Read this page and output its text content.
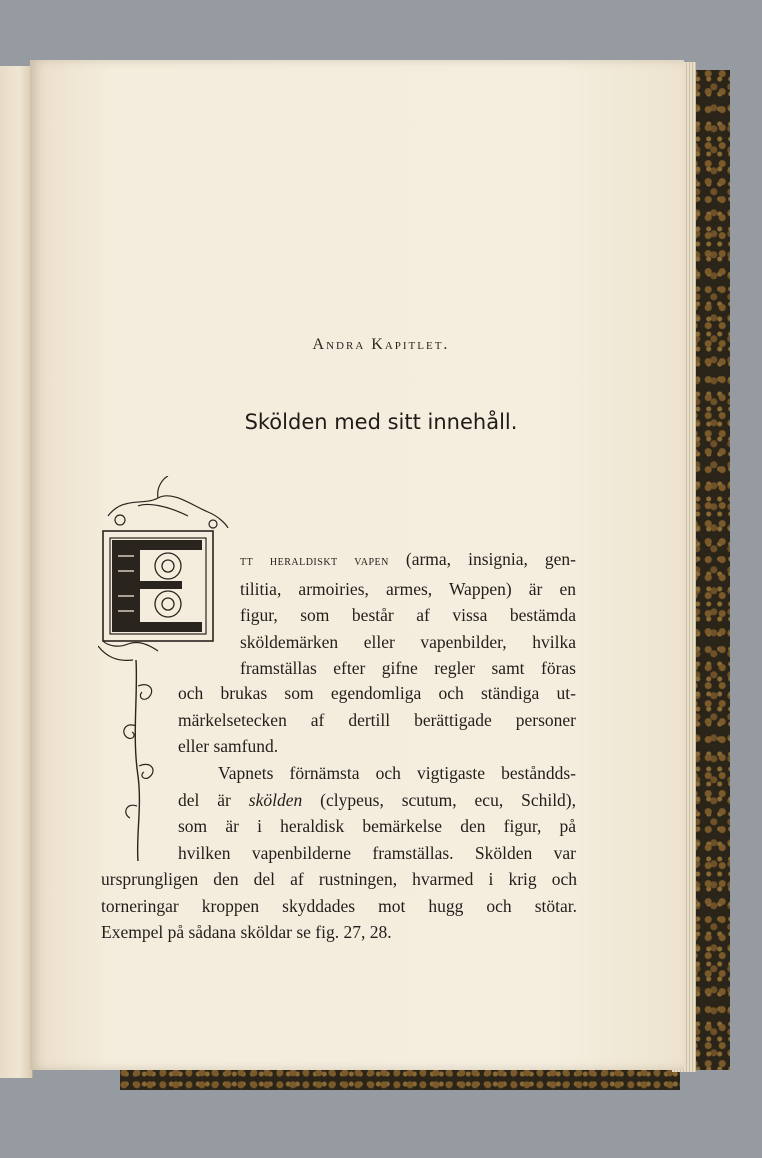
Andra Kapitlet.
Skölden med sitt innehåll.
tt heraldiskt vapen (arma, insignia, gen-
tilitia, armoiries, armes, Wappen) är en
figur, som består af vissa bestämda
sköldemärken eller vapenbilder, hvilka
framställas efter gifne regler samt föras
och brukas som egendomliga och ständiga ut-
märkelsetecken af dertill berättigade personer
eller samfund.
Vapnets förnämsta och vigtigaste beståndds-
del är skölden (clypeus, scutum, ecu, Schild),
som är i heraldisk bemärkelse den figur, på
hvilken vapenbilderne framställas. Skölden var
ursprungligen den del af rustningen, hvarmed i krig och
torneringar kroppen skyddades mot hugg och stötar.
Exempel på sådana sköldar se fig. 27, 28.
